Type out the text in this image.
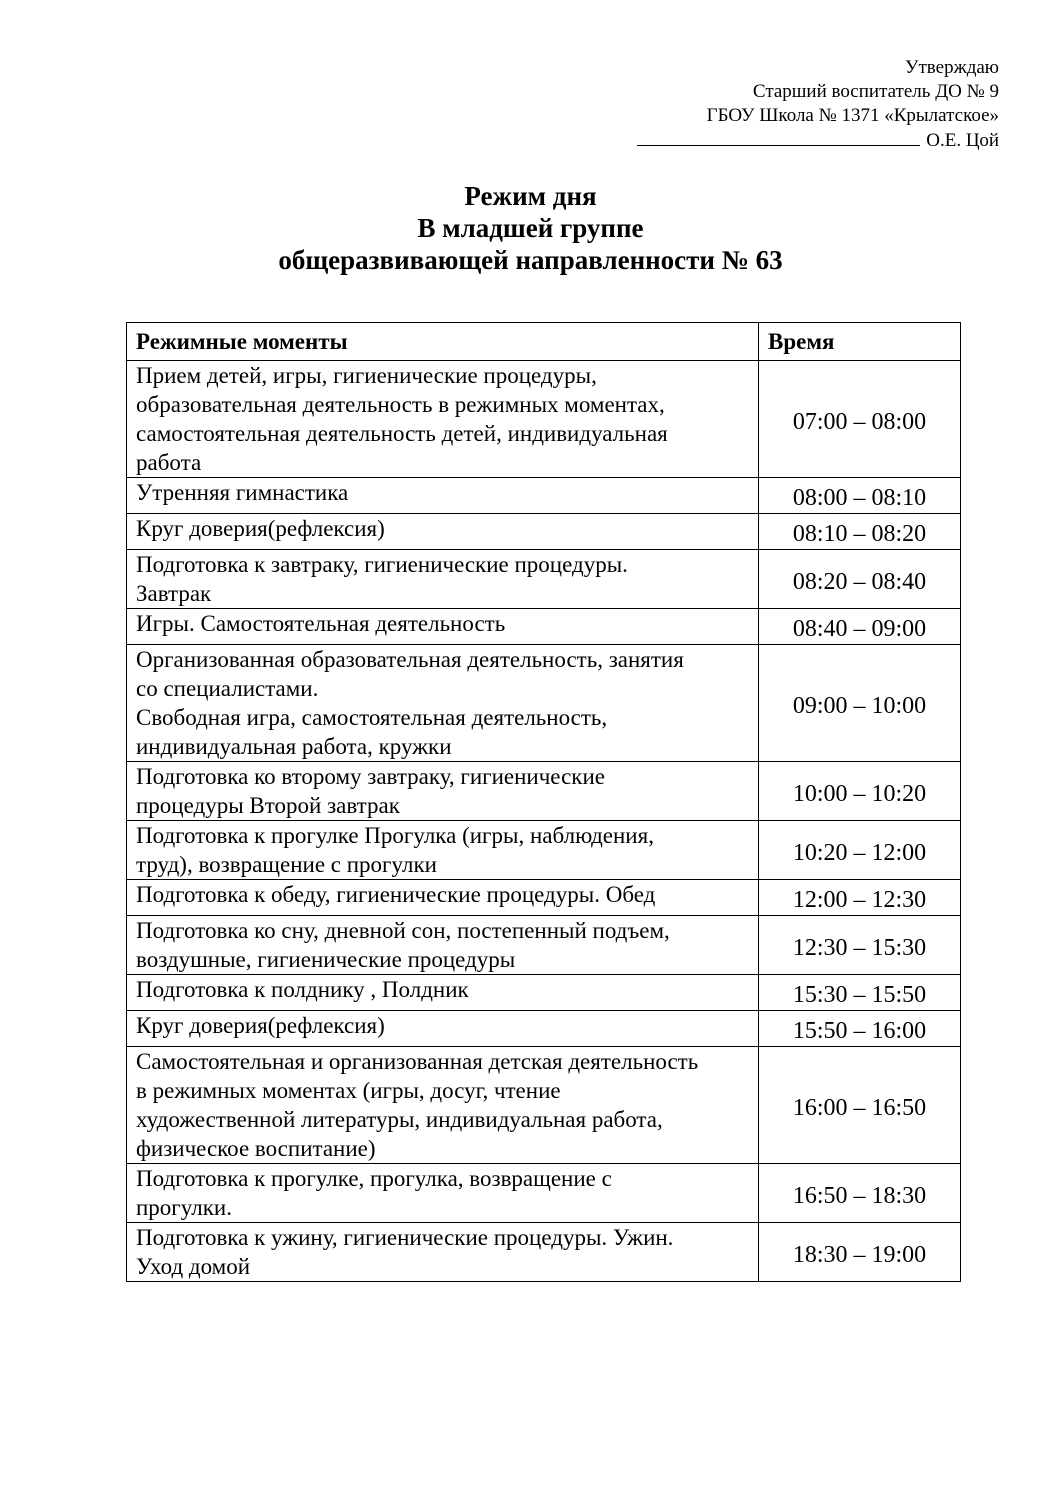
Утверждаю
Старший воспитатель ДО № 9
ГБОУ Школа № 1371 «Крылатское»
О.Е. Цой
Режим дня
В младшей группе
общеразвивающей направленности № 63
Режимные моменты	Время
Прием детей, игры, гигиенические процедуры,
образовательная деятельность в режимных моментах,
самостоятельная деятельность детей, индивидуальная
работа	07:00 – 08:00
Утренняя гимнастика	08:00 – 08:10
Круг доверия(рефлексия)	08:10 – 08:20
Подготовка к завтраку, гигиенические процедуры.
Завтрак	08:20 – 08:40
Игры. Самостоятельная деятельность	08:40 – 09:00
Организованная образовательная деятельность, занятия
со специалистами.
Свободная игра, самостоятельная деятельность,
индивидуальная работа, кружки	09:00 – 10:00
Подготовка ко второму завтраку, гигиенические
процедуры Второй завтрак	10:00 – 10:20
Подготовка к прогулке Прогулка (игры, наблюдения,
труд), возвращение с прогулки	10:20 – 12:00
Подготовка к обеду, гигиенические процедуры. Обед	12:00 – 12:30
Подготовка ко сну, дневной сон, постепенный подъем,
воздушные, гигиенические процедуры	12:30 – 15:30
Подготовка к полднику , Полдник	15:30 – 15:50
Круг доверия(рефлексия)	15:50 – 16:00
Самостоятельная и организованная детская деятельность
в режимных моментах (игры, досуг, чтение
художественной литературы, индивидуальная работа,
физическое воспитание)	16:00 – 16:50
Подготовка к прогулке, прогулка, возвращение с
прогулки.	16:50 – 18:30
Подготовка к ужину, гигиенические процедуры. Ужин.
Уход домой	18:30 – 19:00
